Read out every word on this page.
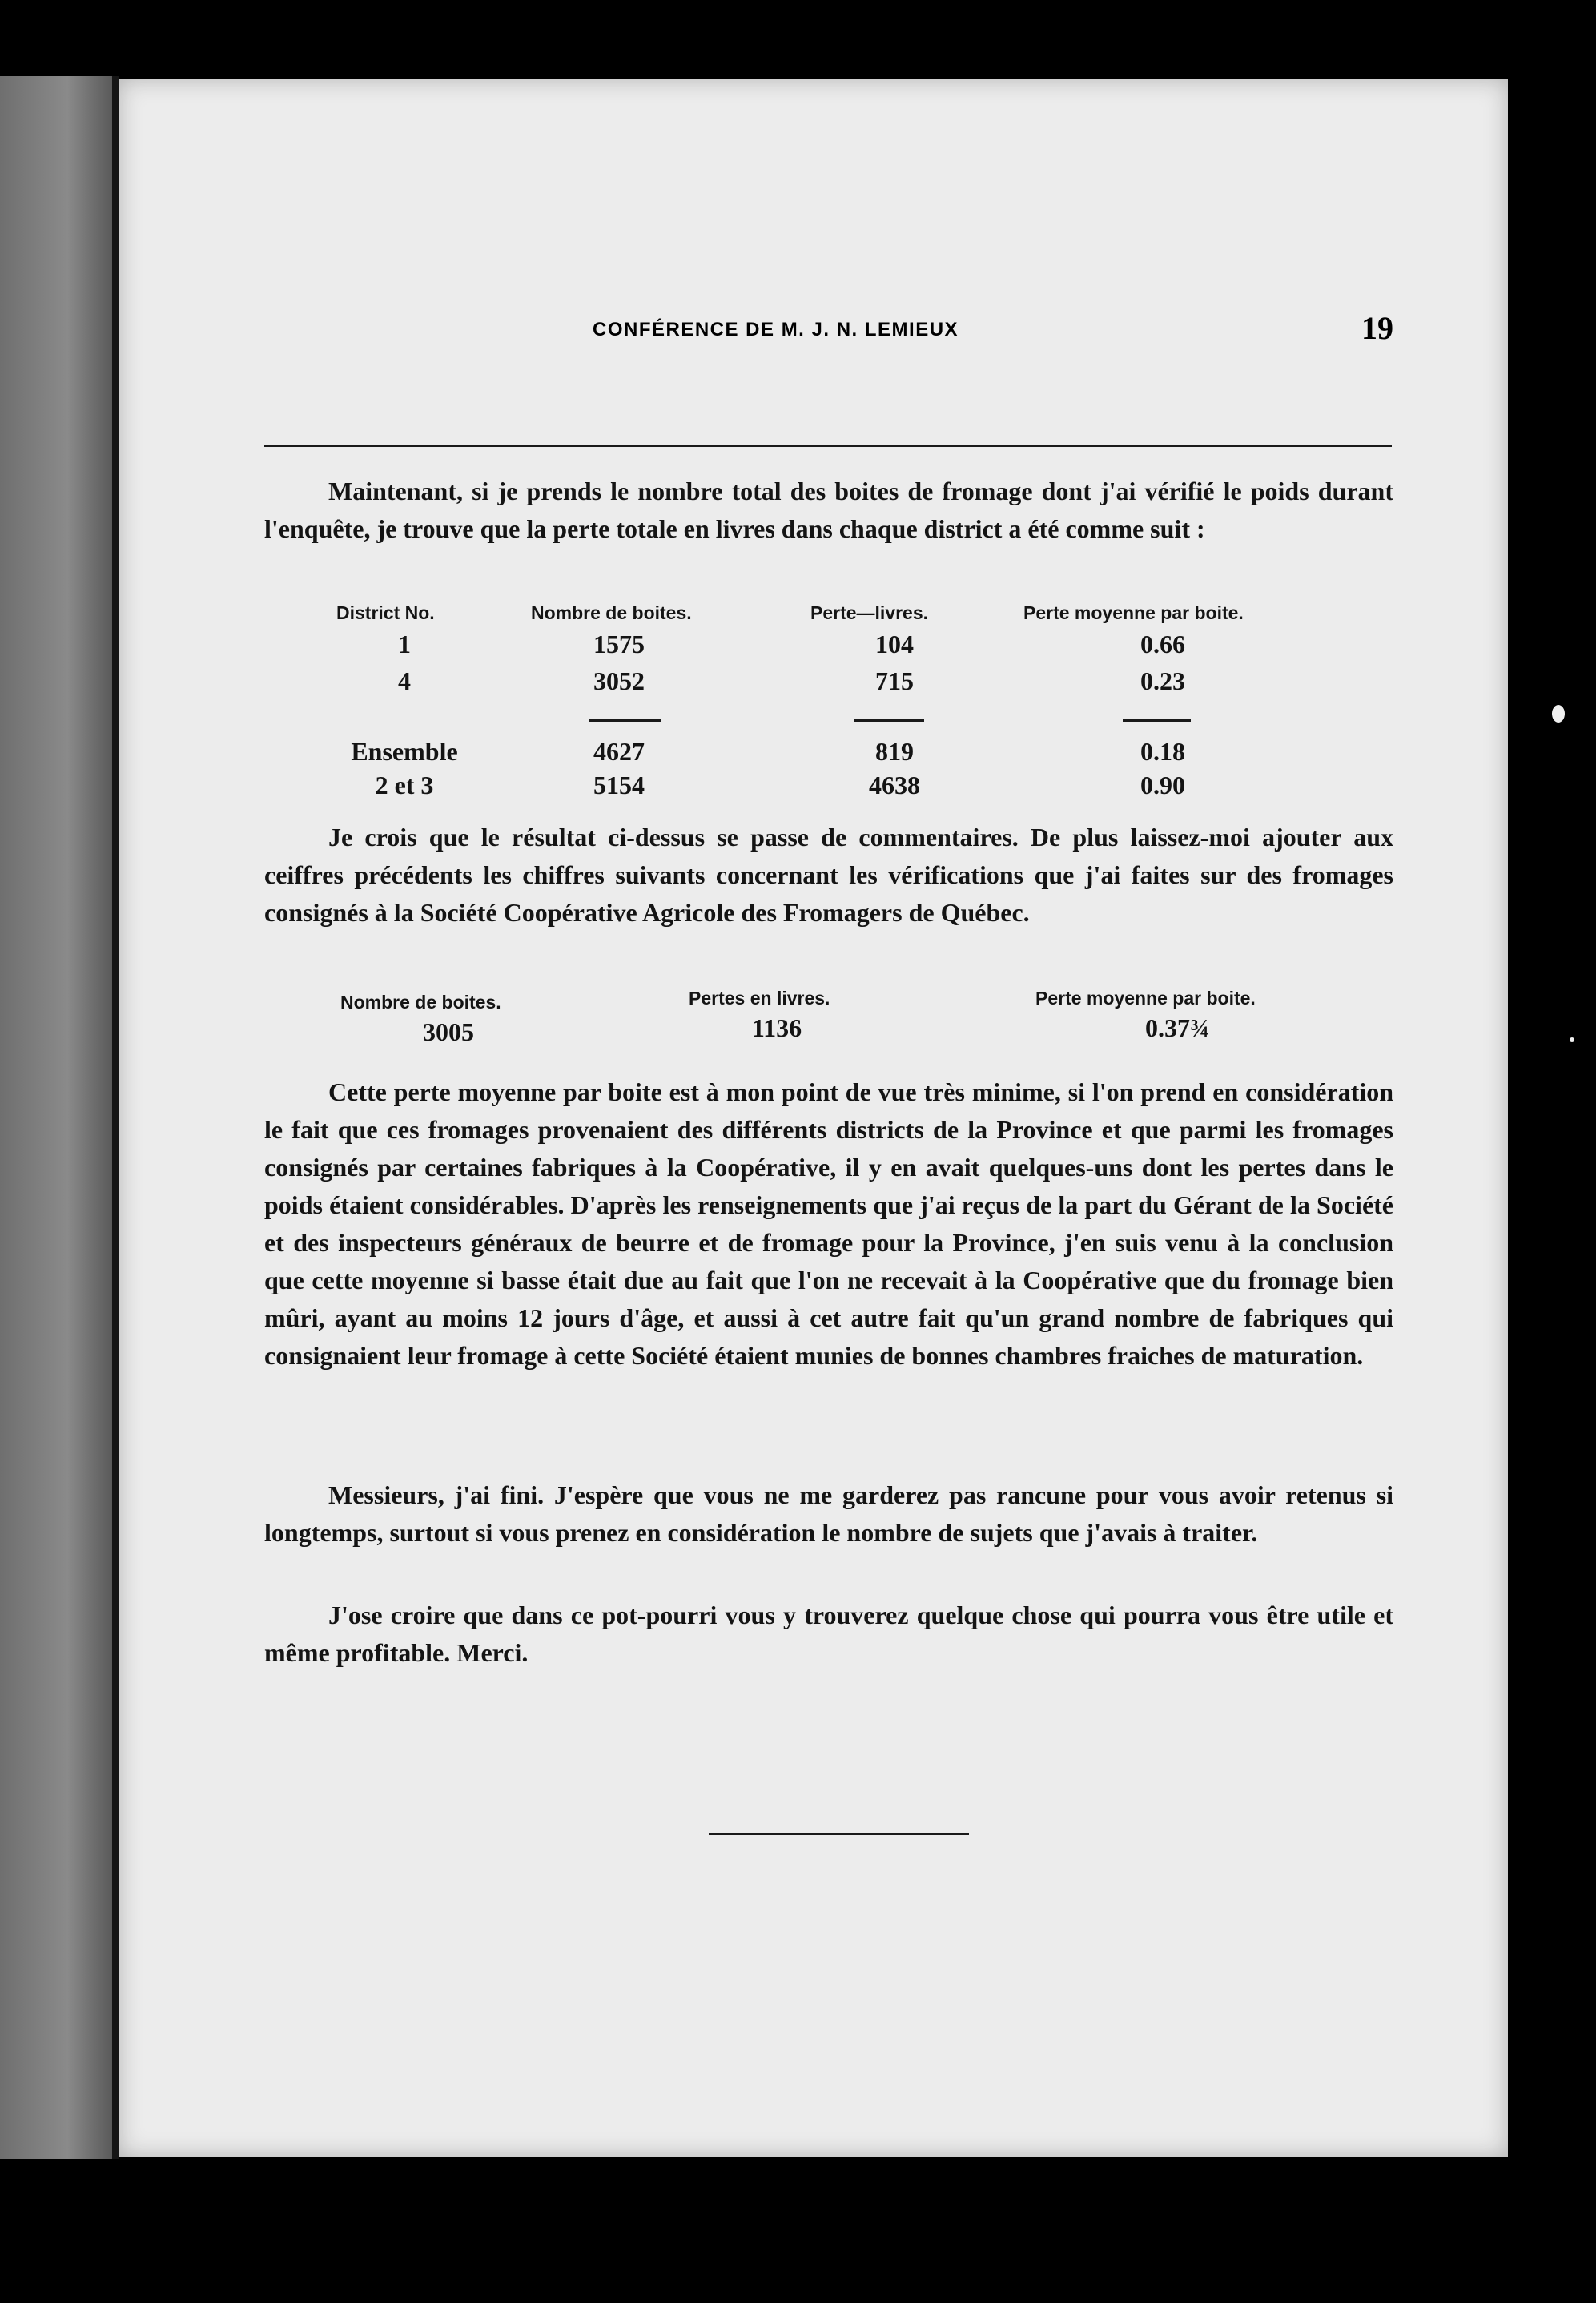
CONFÉRENCE DE M. J. N. LEMIEUX	19

Maintenant, si je prends le nombre total des boites de fromage dont j'ai vérifié le poids durant l'enquête, je trouve que la perte totale en livres dans chaque district a été comme suit :

District No.	Nombre de boites.	Perte—livres.	Perte moyenne par boite.
1	1575	104	0.66
4	3052	715	0.23
Ensemble	4627	819	0.18
2 et 3	5154	4638	0.90

Je crois que le résultat ci-dessus se passe de commentaires. De plus laissez-moi ajouter aux ceiffres précédents les chiffres suivants concernant les vérifications que j'ai faites sur des fromages consignés à la Société Coopérative Agricole des Fromagers de Québec.

Nombre de boites.	Pertes en livres.	Perte moyenne par boite.
3005	1136	0.37¾

Cette perte moyenne par boite est à mon point de vue très minime, si l'on prend en considération le fait que ces fromages provenaient des différents districts de la Province et que parmi les fromages consignés par certaines fabriques à la Coopérative, il y en avait quelques-uns dont les pertes dans le poids étaient considérables. D'après les renseignements que j'ai reçus de la part du Gérant de la Société et des inspecteurs généraux de beurre et de fromage pour la Province, j'en suis venu à la conclusion que cette moyenne si basse était due au fait que l'on ne recevait à la Coopérative que du fromage bien mûri, ayant au moins 12 jours d'âge, et aussi à cet autre fait qu'un grand nombre de fabriques qui consignaient leur fromage à cette Société étaient munies de bonnes chambres fraiches de maturation.

Messieurs, j'ai fini. J'espère que vous ne me garderez pas rancune pour vous avoir retenus si longtemps, surtout si vous prenez en considération le nombre de sujets que j'avais à traiter.

J'ose croire que dans ce pot-pourri vous y trouverez quelque chose qui pourra vous être utile et même profitable. Merci.
